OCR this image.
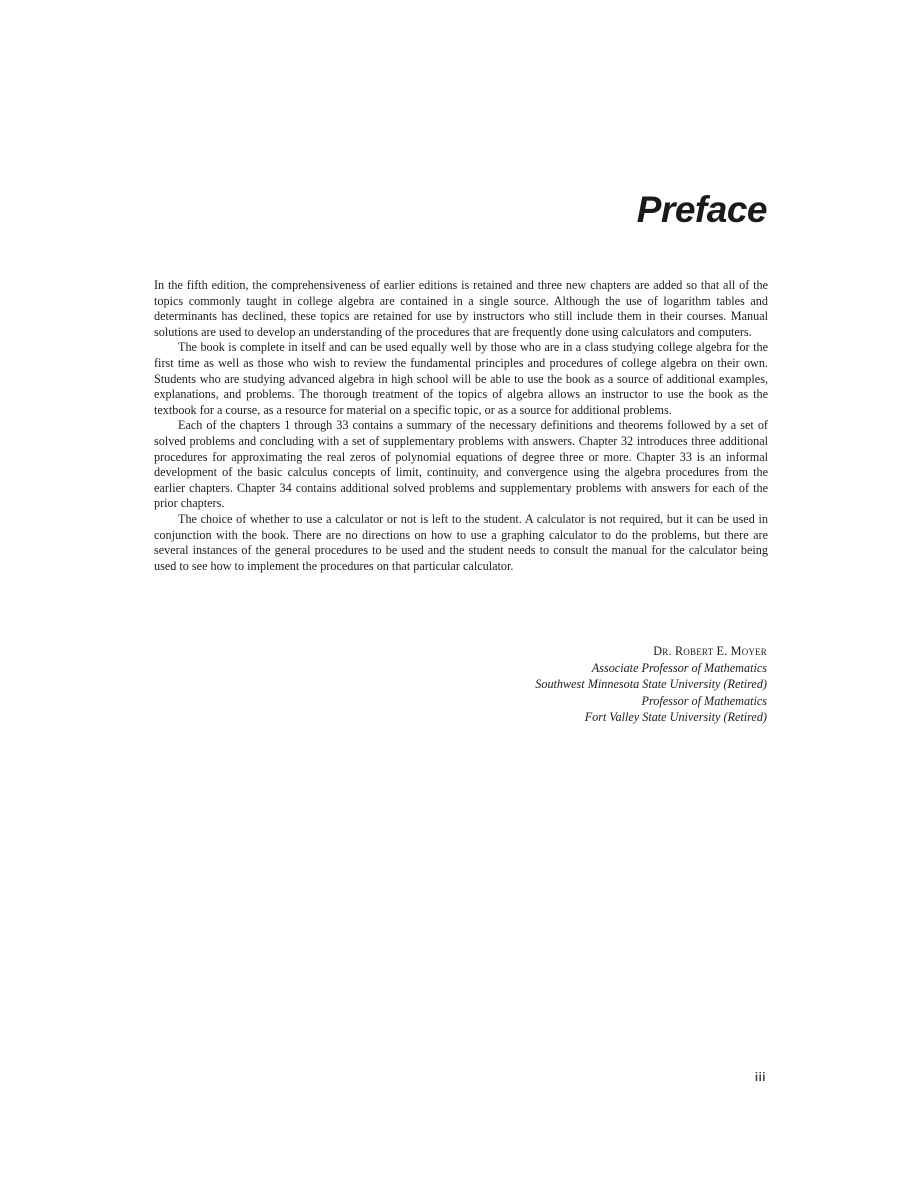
Preface

In the fifth edition, the comprehensiveness of earlier editions is retained and three new chapters are added so that all of the topics commonly taught in college algebra are contained in a single source. Although the use of logarithm tables and determinants has declined, these topics are retained for use by instructors who still include them in their courses. Manual solutions are used to develop an understanding of the procedures that are frequently done using calculators and computers.

The book is complete in itself and can be used equally well by those who are in a class studying college algebra for the first time as well as those who wish to review the fundamental principles and procedures of college algebra on their own. Students who are studying advanced algebra in high school will be able to use the book as a source of additional examples, explanations, and problems. The thorough treatment of the topics of algebra allows an instructor to use the book as the textbook for a course, as a resource for material on a specific topic, or as a source for additional problems.

Each of the chapters 1 through 33 contains a summary of the necessary definitions and theorems followed by a set of solved problems and concluding with a set of supplementary problems with answers. Chapter 32 introduces three additional procedures for approximating the real zeros of polynomial equations of degree three or more. Chapter 33 is an informal development of the basic calculus concepts of limit, continuity, and convergence using the algebra procedures from the earlier chapters. Chapter 34 contains additional solved problems and supplementary problems with answers for each of the prior chapters.

The choice of whether to use a calculator or not is left to the student. A calculator is not required, but it can be used in conjunction with the book. There are no directions on how to use a graphing calculator to do the problems, but there are several instances of the general procedures to be used and the student needs to consult the manual for the calculator being used to see how to implement the procedures on that particular calculator.

Dr. Robert E. Moyer
Associate Professor of Mathematics
Southwest Minnesota State University (Retired)
Professor of Mathematics
Fort Valley State University (Retired)
iii
